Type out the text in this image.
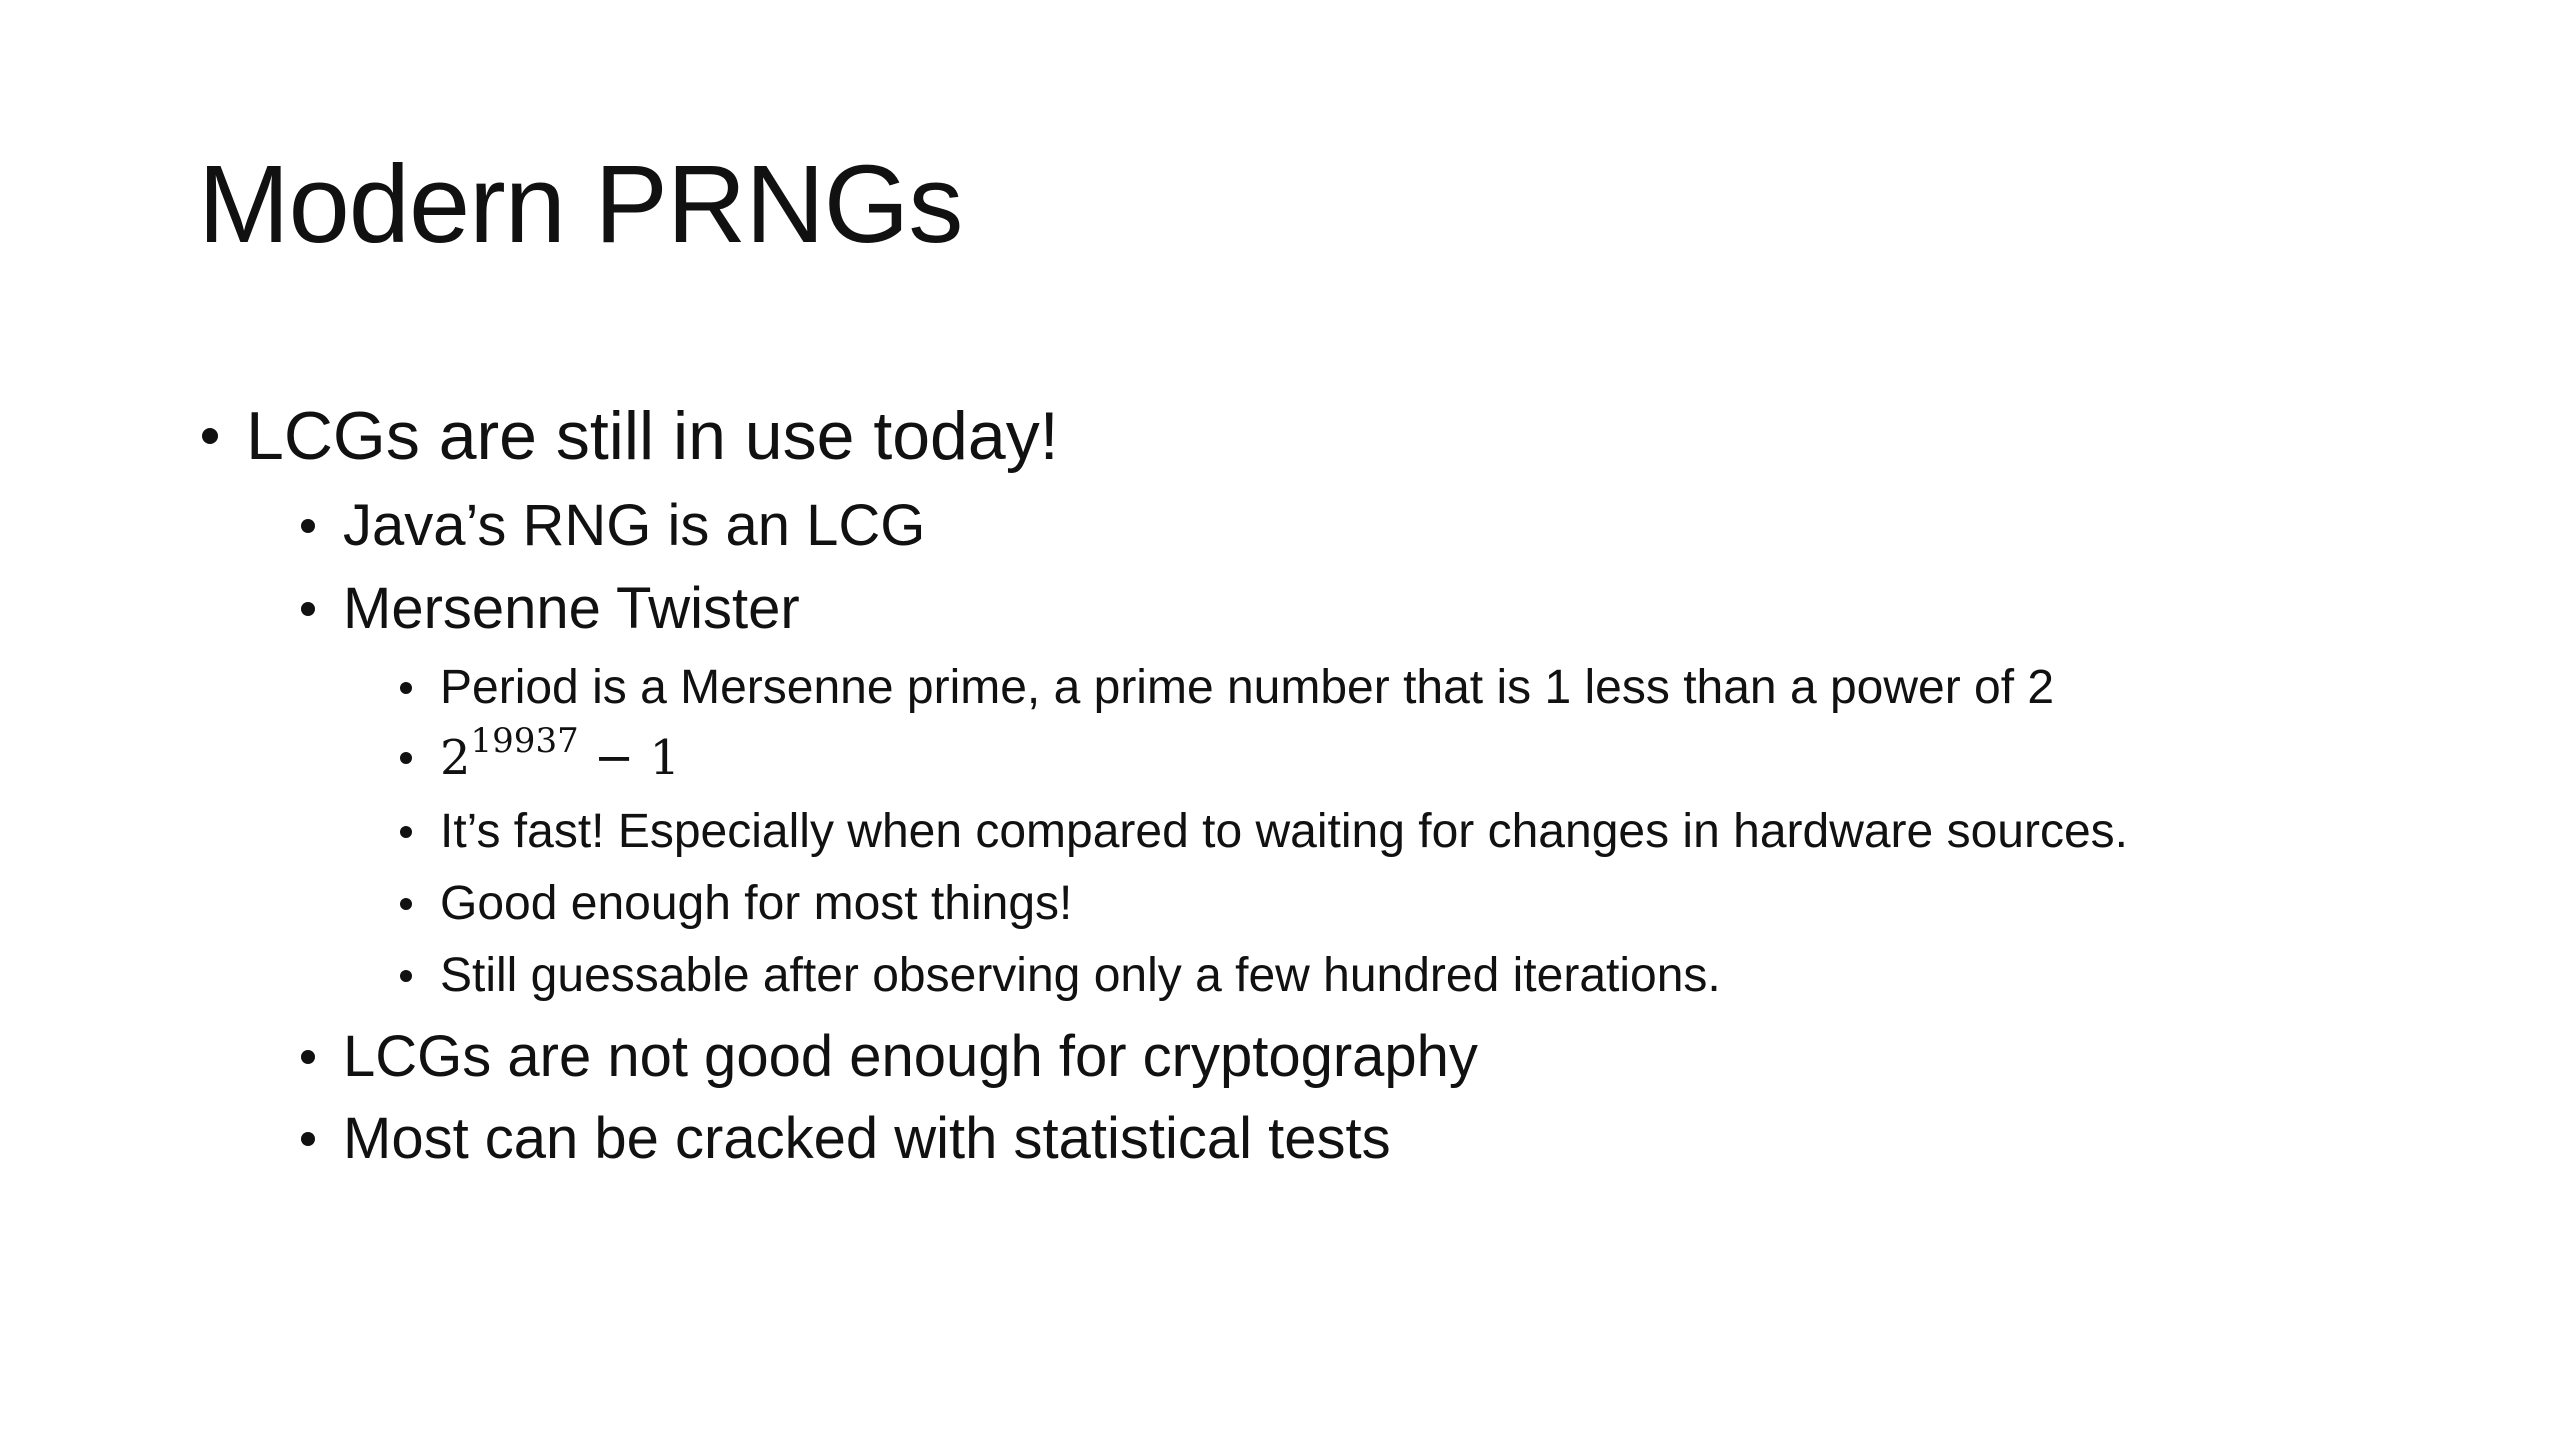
Modern PRNGs
LCGs are still in use today!
Java’s RNG is an LCG
Mersenne Twister
Period is a Mersenne prime, a prime number that is 1 less than a power of 2
$2^{19937} - 1$
It’s fast! Especially when compared to waiting for changes in hardware sources.
Good enough for most things!
Still guessable after observing only a few hundred iterations.
LCGs are not good enough for cryptography
Most can be cracked with statistical tests
